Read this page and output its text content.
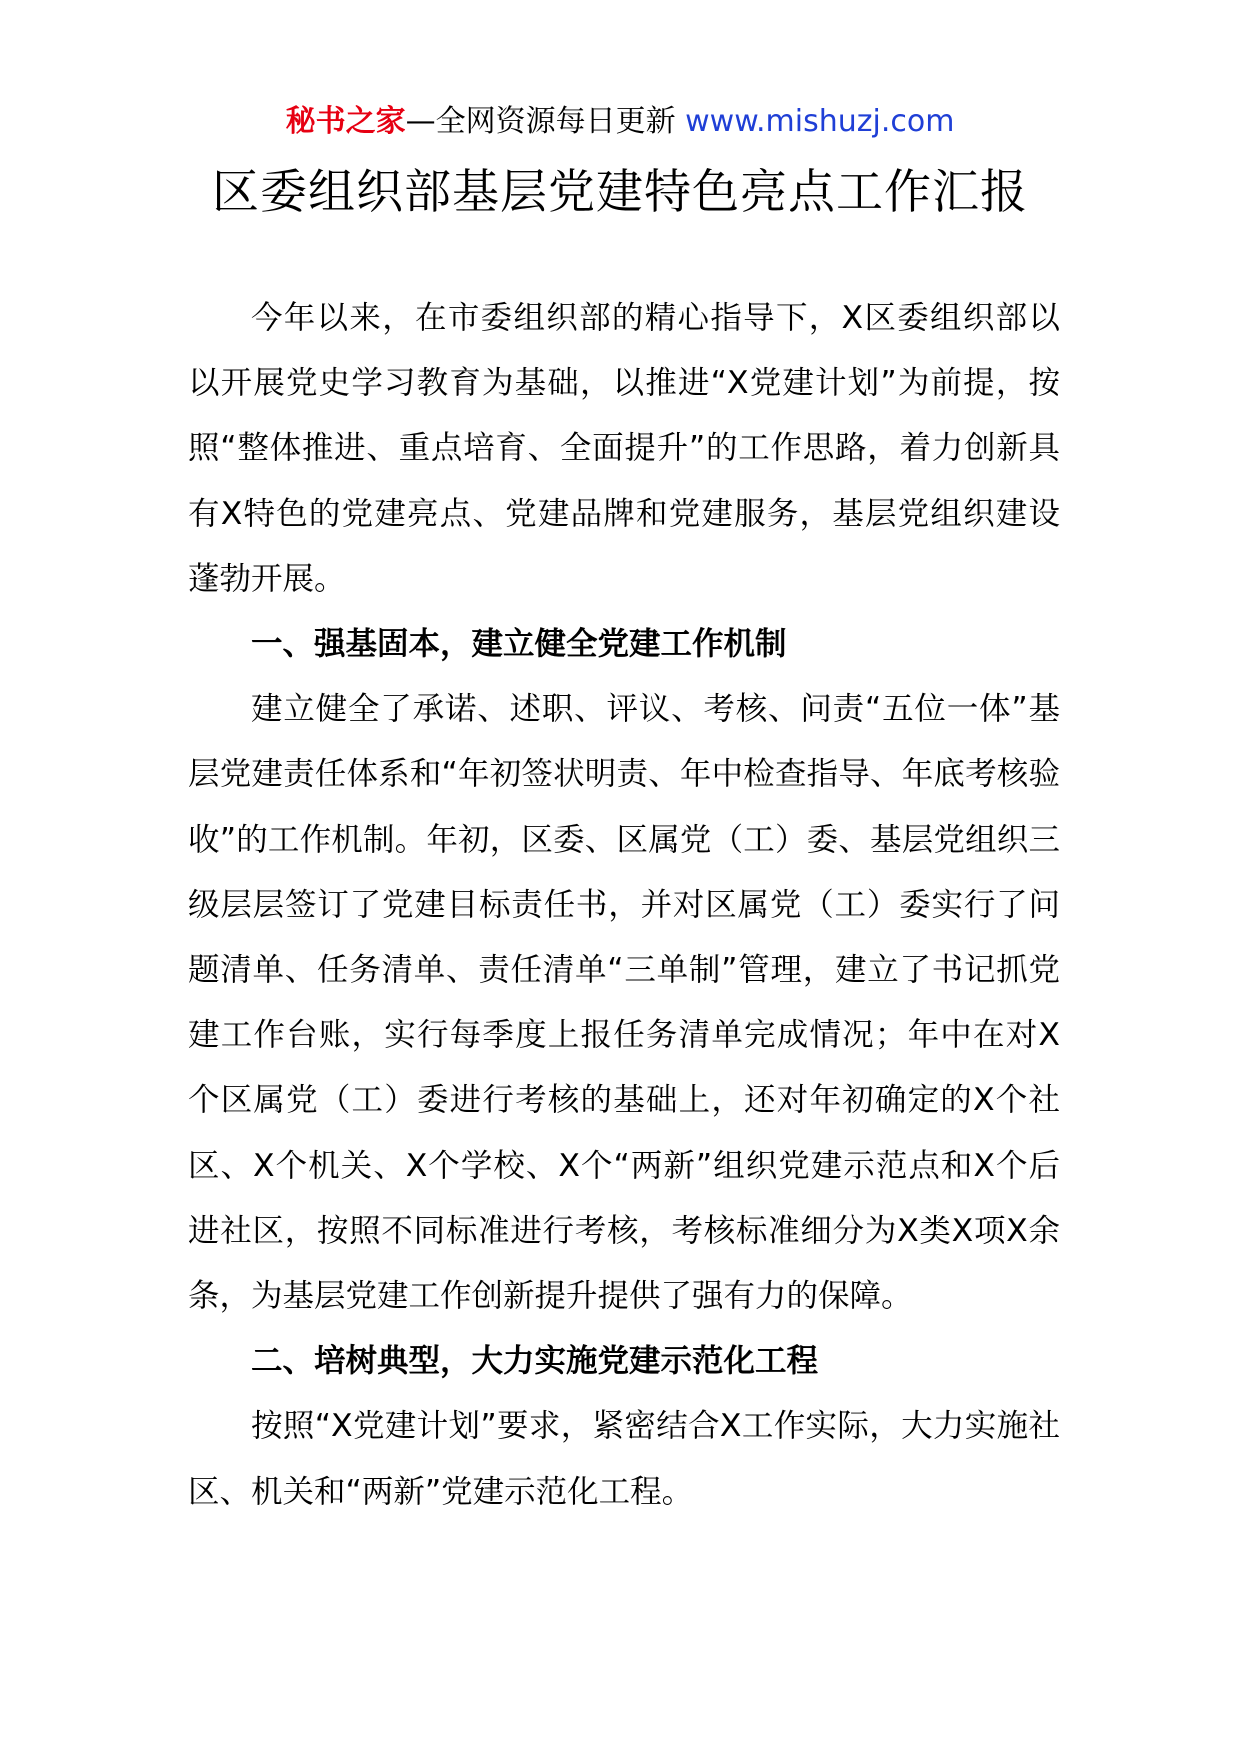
秘书之家—全网资源每日更新 www.mishuzj.com
区委组织部基层党建特色亮点工作汇报

今年以来，在市委组织部的精心指导下，X区委组织部以以开展党史学习教育为基础，以推进“X党建计划”为前提，按照“整体推进、重点培育、全面提升”的工作思路，着力创新具有X特色的党建亮点、党建品牌和党建服务，基层党组织建设蓬勃开展。

一、强基固本，建立健全党建工作机制

建立健全了承诺、述职、评议、考核、问责“五位一体”基层党建责任体系和“年初签状明责、年中检查指导、年底考核验收”的工作机制。年初，区委、区属党（工）委、基层党组织三级层层签订了党建目标责任书，并对区属党（工）委实行了问题清单、任务清单、责任清单“三单制”管理，建立了书记抓党建工作台账，实行每季度上报任务清单完成情况；年中在对X个区属党（工）委进行考核的基础上，还对年初确定的X个社区、X个机关、X个学校、X个“两新”组织党建示范点和X个后进社区，按照不同标准进行考核，考核标准细分为X类X项X余条，为基层党建工作创新提升提供了强有力的保障。

二、培树典型，大力实施党建示范化工程

按照“X党建计划”要求，紧密结合X工作实际，大力实施社区、机关和“两新”党建示范化工程。
